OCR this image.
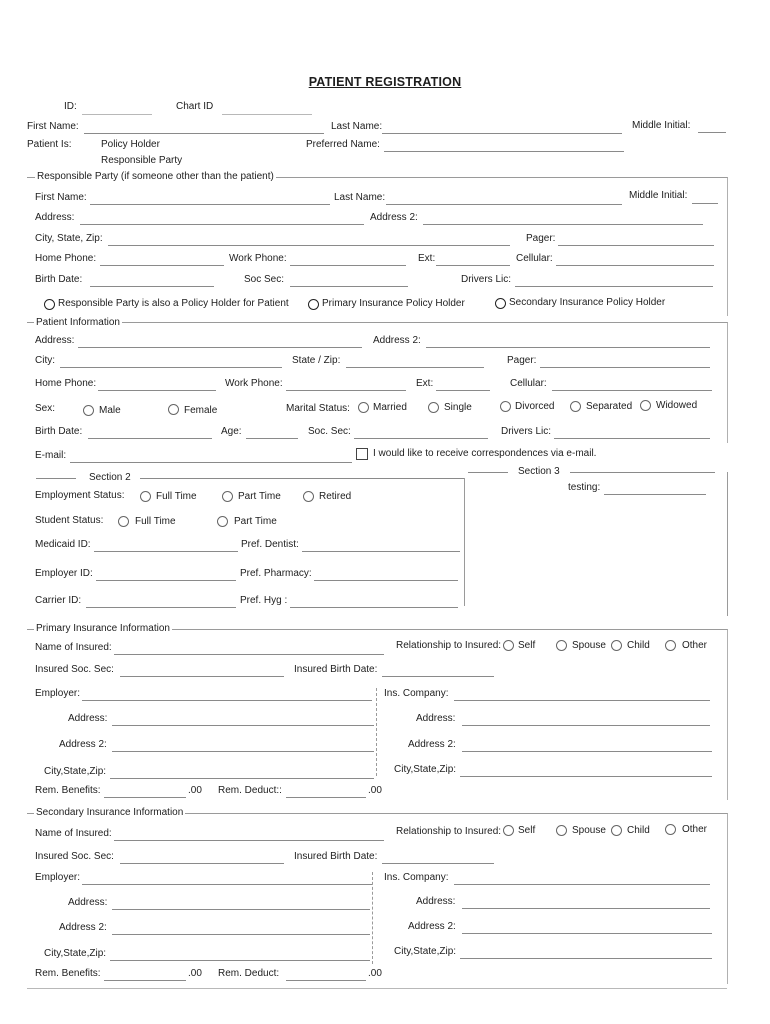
PATIENT REGISTRATION
ID:	Chart ID
First Name:	Last Name:	Middle Initial:
Patient Is:	Policy Holder	Preferred Name:
Responsible Party
Responsible Party (if someone other than the patient)
First Name:	Last Name:	Middle Initial:
Address:	Address 2:
City, State, Zip:	Pager:
Home Phone:	Work Phone:	Ext:	Cellular:
Birth Date:	Soc Sec:	Drivers Lic:
Responsible Party is also a Policy Holder for Patient	Primary Insurance Policy Holder	Secondary Insurance Policy Holder
Patient Information
Address:	Address 2:
City:	State / Zip:	Pager:
Home Phone:	Work Phone:	Ext:	Cellular:
Sex:	Male	Female	Marital Status: Married	Single	Divorced	Separated Widowed
Birth Date:	Age:	Soc. Sec:	Drivers Lic:
E-mail:	I would like to receive correspondences via e-mail.
Section 2
Section 3
testing:
Employment Status:	Full Time	Part Time	Retired
Student Status:	Full Time	Part Time
Medicaid ID:	Pref. Dentist:
Employer ID:	Pref. Pharmacy:
Carrier ID:	Pref. Hyg :
Primary Insurance Information
Name of Insured:	Relationship to Insured: Self	Spouse Child	Other
Insured Soc. Sec:	Insured Birth Date:
Employer:	Ins. Company:
Address:	Address:
Address 2:	Address 2:
City,State,Zip:	City,State,Zip:
Rem. Benefits:	.00 Rem. Deduct::	.00
Secondary Insurance Information
Name of Insured:	Relationship to Insured: Self	Spouse Child	Other
Insured Soc. Sec:	Insured Birth Date:
Employer:	Ins. Company:
Address:	Address:
Address 2:	Address 2:
City,State,Zip:	City,State,Zip:
Rem. Benefits:	.00 Rem. Deduct:	.00
